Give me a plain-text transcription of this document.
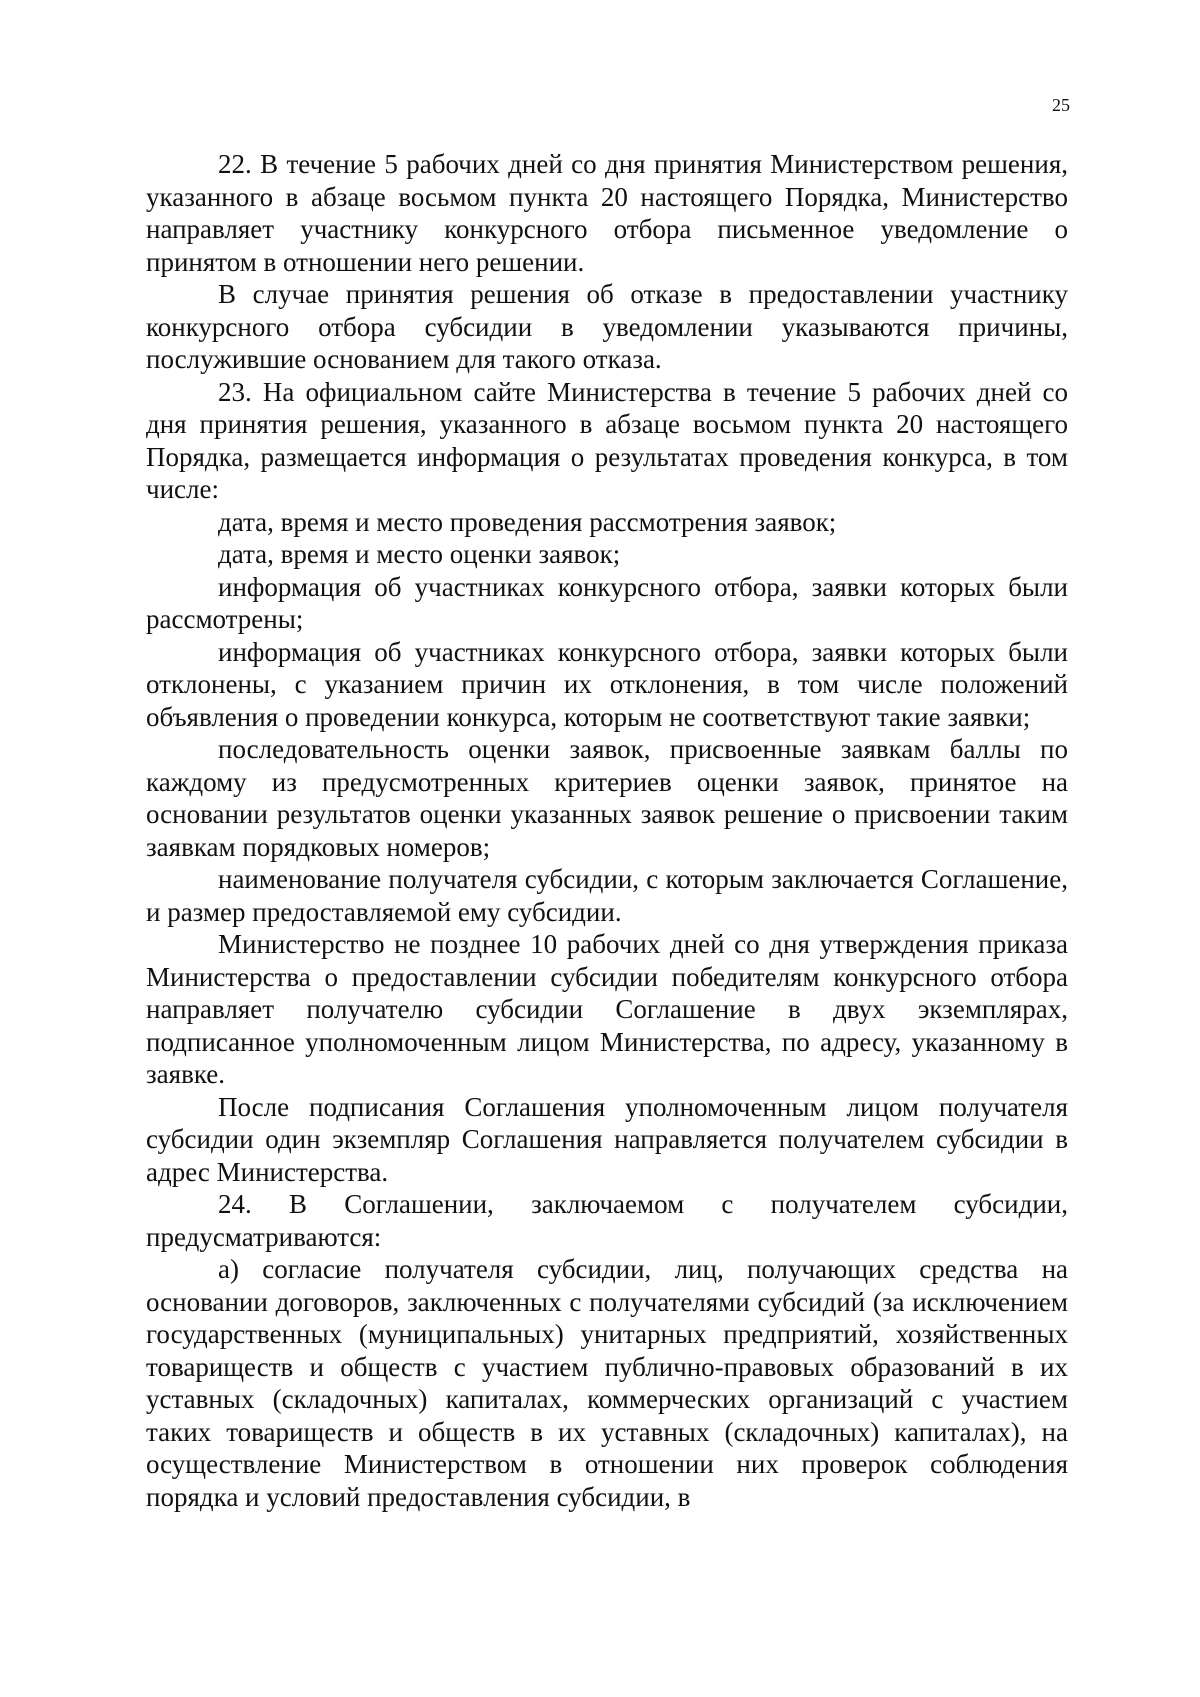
25

22. В течение 5 рабочих дней со дня принятия Министерством решения, указанного в абзаце восьмом пункта 20 настоящего Порядка, Министерство направляет участнику конкурсного отбора письменное уведомление о принятом в отношении него решении.

В случае принятия решения об отказе в предоставлении участнику конкурсного отбора субсидии в уведомлении указываются причины, послужившие основанием для такого отказа.

23. На официальном сайте Министерства в течение 5 рабочих дней со дня принятия решения, указанного в абзаце восьмом пункта 20 настоящего Порядка, размещается информация о результатах проведения конкурса, в том числе:

дата, время и место проведения рассмотрения заявок;

дата, время и место оценки заявок;

информация об участниках конкурсного отбора, заявки которых были рассмотрены;

информация об участниках конкурсного отбора, заявки которых были отклонены, с указанием причин их отклонения, в том числе положений объявления о проведении конкурса, которым не соответствуют такие заявки;

последовательность оценки заявок, присвоенные заявкам баллы по каждому из предусмотренных критериев оценки заявок, принятое на основании результатов оценки указанных заявок решение о присвоении таким заявкам порядковых номеров;

наименование получателя субсидии, с которым заключается Соглашение, и размер предоставляемой ему субсидии.

Министерство не позднее 10 рабочих дней со дня утверждения приказа Министерства о предоставлении субсидии победителям конкурсного отбора направляет получателю субсидии Соглашение в двух экземплярах, подписанное уполномоченным лицом Министерства, по адресу, указанному в заявке.

После подписания Соглашения уполномоченным лицом получателя субсидии один экземпляр Соглашения направляется получателем субсидии в адрес Министерства.

24. В Соглашении, заключаемом с получателем субсидии, предусматриваются:

а) согласие получателя субсидии, лиц, получающих средства на основании договоров, заключенных с получателями субсидий (за исключением государственных (муниципальных) унитарных предприятий, хозяйственных товариществ и обществ с участием публично-правовых образований в их уставных (складочных) капиталах, коммерческих организаций с участием таких товариществ и обществ в их уставных (складочных) капиталах), на осуществление Министерством в отношении них проверок соблюдения порядка и условий предоставления субсидии, в
